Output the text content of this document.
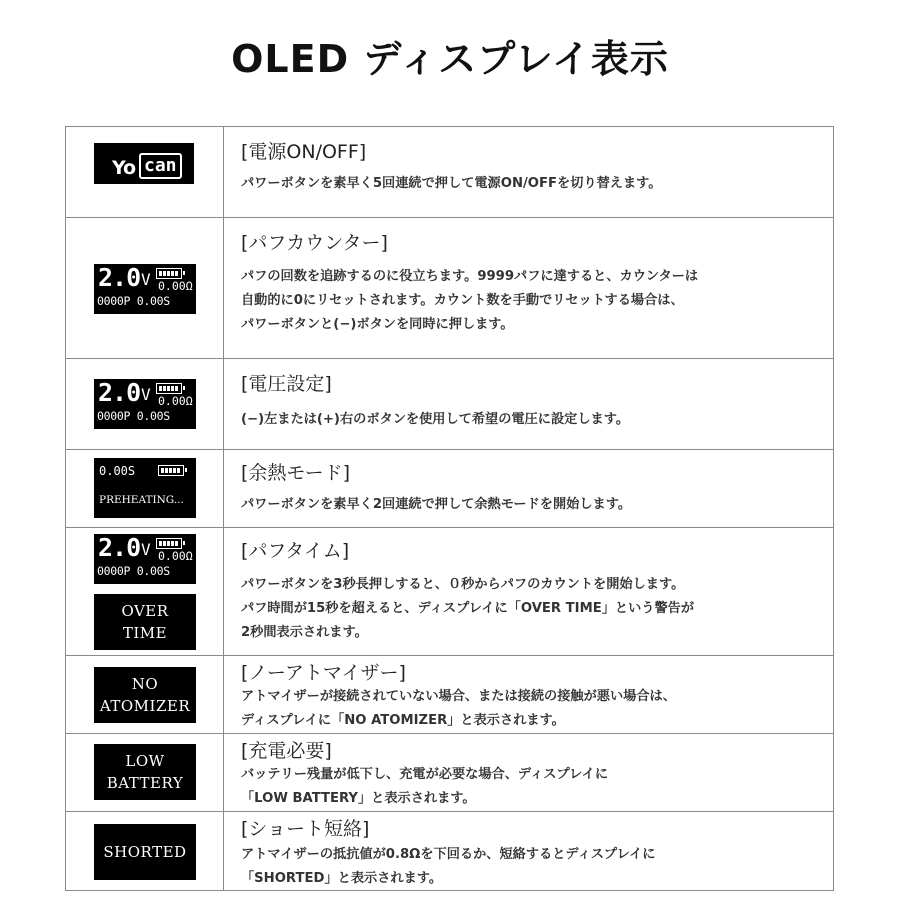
OLED ディスプレイ表示
Yo can
[電源ON/OFF]
パワーボタンを素早く5回連続で押して電源ON/OFFを切り替えます。
2.0 V 0.00Ω
0000P 0.00S
[パフカウンター]
パフの回数を追跡するのに役立ちます。9999パフに達すると、カウンターは
自動的に0にリセットされます。カウント数を手動でリセットする場合は、
パワーボタンと(−)ボタンを同時に押します。
2.0 V 0.00Ω
0000P 0.00S
[電圧設定]
(−)左または(+)右のボタンを使用して希望の電圧に設定します。
0.00S
PREHEATING...
[余熱モード]
パワーボタンを素早く2回連続で押して余熱モードを開始します。
2.0 V 0.00Ω
0000P 0.00S
OVER
TIME
[パフタイム]
パワーボタンを3秒長押しすると、０秒からパフのカウントを開始します。
パフ時間が15秒を超えると、ディスプレイに「OVER TIME」という警告が
2秒間表示されます。
NO
ATOMIZER
[ノーアトマイザー]
アトマイザーが接続されていない場合、または接続の接触が悪い場合は、
ディスプレイに「NO ATOMIZER」と表示されます。
LOW
BATTERY
[充電必要]
バッテリー残量が低下し、充電が必要な場合、ディスプレイに
「LOW BATTERY」と表示されます。
SHORTED
[ショート短絡]
アトマイザーの抵抗値が0.8Ωを下回るか、短絡するとディスプレイに
「SHORTED」と表示されます。
